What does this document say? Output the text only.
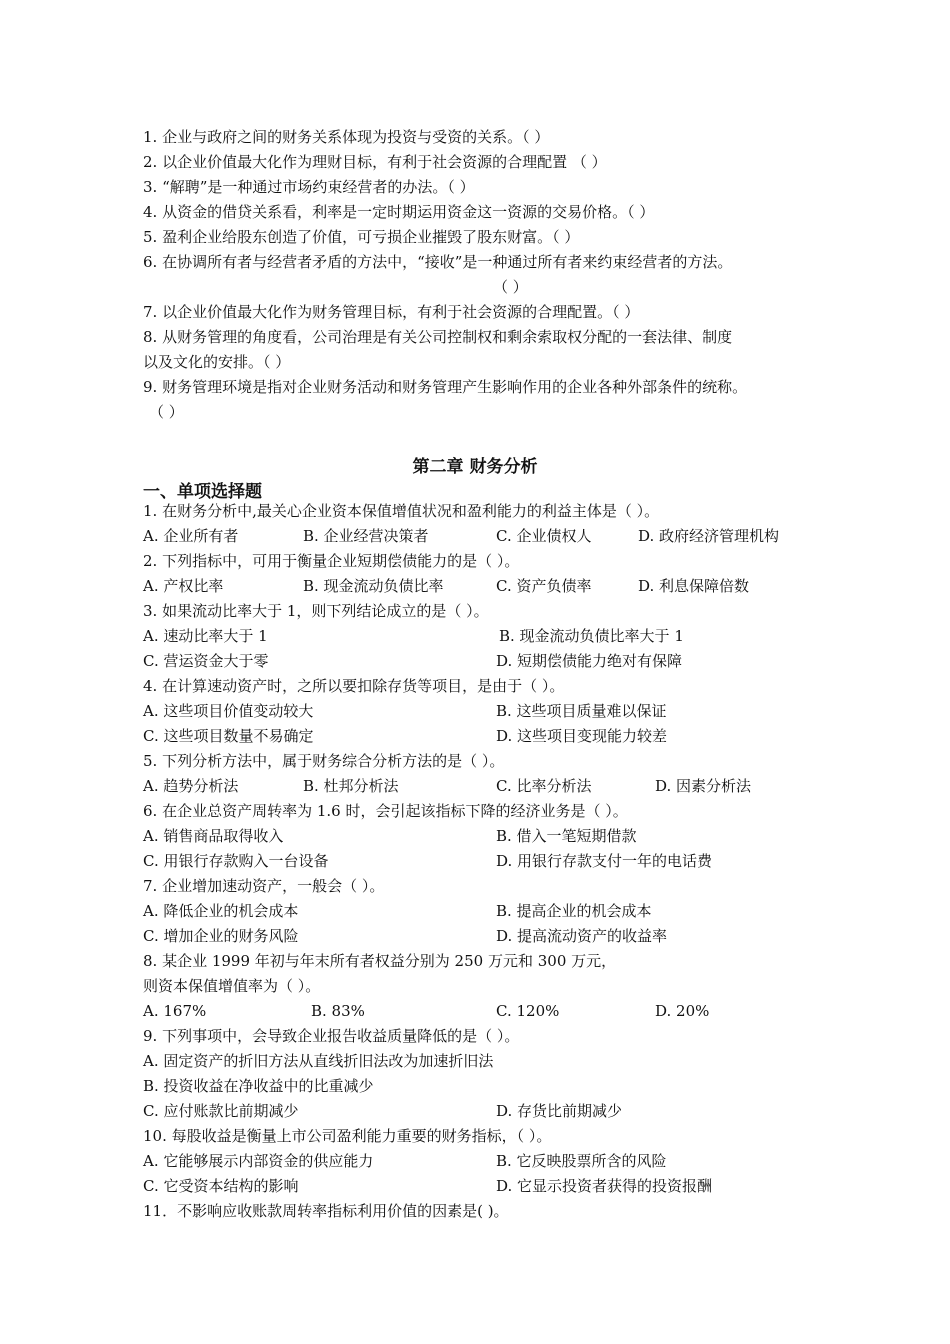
1. 企业与政府之间的财务关系体现为投资与受资的关系。（ ）
2. 以企业价值最大化作为理财目标，有利于社会资源的合理配置 （ ）
3. “解聘”是一种通过市场约束经营者的办法。（ ）
4. 从资金的借贷关系看，利率是一定时期运用资金这一资源的交易价格。（ ）
5. 盈利企业给股东创造了价值，可亏损企业摧毁了股东财富。（ ）
6. 在协调所有者与经营者矛盾的方法中，“接收”是一种通过所有者来约束经营者的方法。
（ ）
7. 以企业价值最大化作为财务管理目标，有利于社会资源的合理配置。（ ）
8. 从财务管理的角度看，公司治理是有关公司控制权和剩余索取权分配的一套法律、制度
以及文化的安排。（ ）
9. 财务管理环境是指对企业财务活动和财务管理产生影响作用的企业各种外部条件的统称。
（ ）
第二章 财务分析
一、单项选择题
1. 在财务分析中,最关心企业资本保值增值状况和盈利能力的利益主体是（ ）。
A. 企业所有者	B. 企业经营决策者	C. 企业债权人	D. 政府经济管理机构
2. 下列指标中，可用于衡量企业短期偿债能力的是（ ）。
A. 产权比率	B. 现金流动负债比率	C. 资产负债率	D. 利息保障倍数
3. 如果流动比率大于 1，则下列结论成立的是（ ）。
A. 速动比率大于 1	B. 现金流动负债比率大于 1
C. 营运资金大于零	D. 短期偿债能力绝对有保障
4. 在计算速动资产时，之所以要扣除存货等项目，是由于（ ）。
A. 这些项目价值变动较大	B. 这些项目质量难以保证
C. 这些项目数量不易确定	D. 这些项目变现能力较差
5. 下列分析方法中，属于财务综合分析方法的是（ ）。
A. 趋势分析法	B. 杜邦分析法	C. 比率分析法	D. 因素分析法
6. 在企业总资产周转率为 1.6 时，会引起该指标下降的经济业务是（ ）。
A. 销售商品取得收入	B. 借入一笔短期借款
C. 用银行存款购入一台设备	D. 用银行存款支付一年的电话费
7. 企业增加速动资产，一般会（ ）。
A. 降低企业的机会成本	B. 提高企业的机会成本
C. 增加企业的财务风险	D. 提高流动资产的收益率
8. 某企业 1999 年初与年末所有者权益分别为 250 万元和 300 万元，
则资本保值增值率为（ ）。
A. 167%	B. 83%	C. 120%	D. 20%
9. 下列事项中，会导致企业报告收益质量降低的是（ ）。
A. 固定资产的折旧方法从直线折旧法改为加速折旧法
B. 投资收益在净收益中的比重减少
C. 应付账款比前期减少	D. 存货比前期减少
10. 每股收益是衡量上市公司盈利能力重要的财务指标，（ ）。
A. 它能够展示内部资金的供应能力	B. 它反映股票所含的风险
C. 它受资本结构的影响	D. 它显示投资者获得的投资报酬
11．不影响应收账款周转率指标利用价值的因素是( )。
